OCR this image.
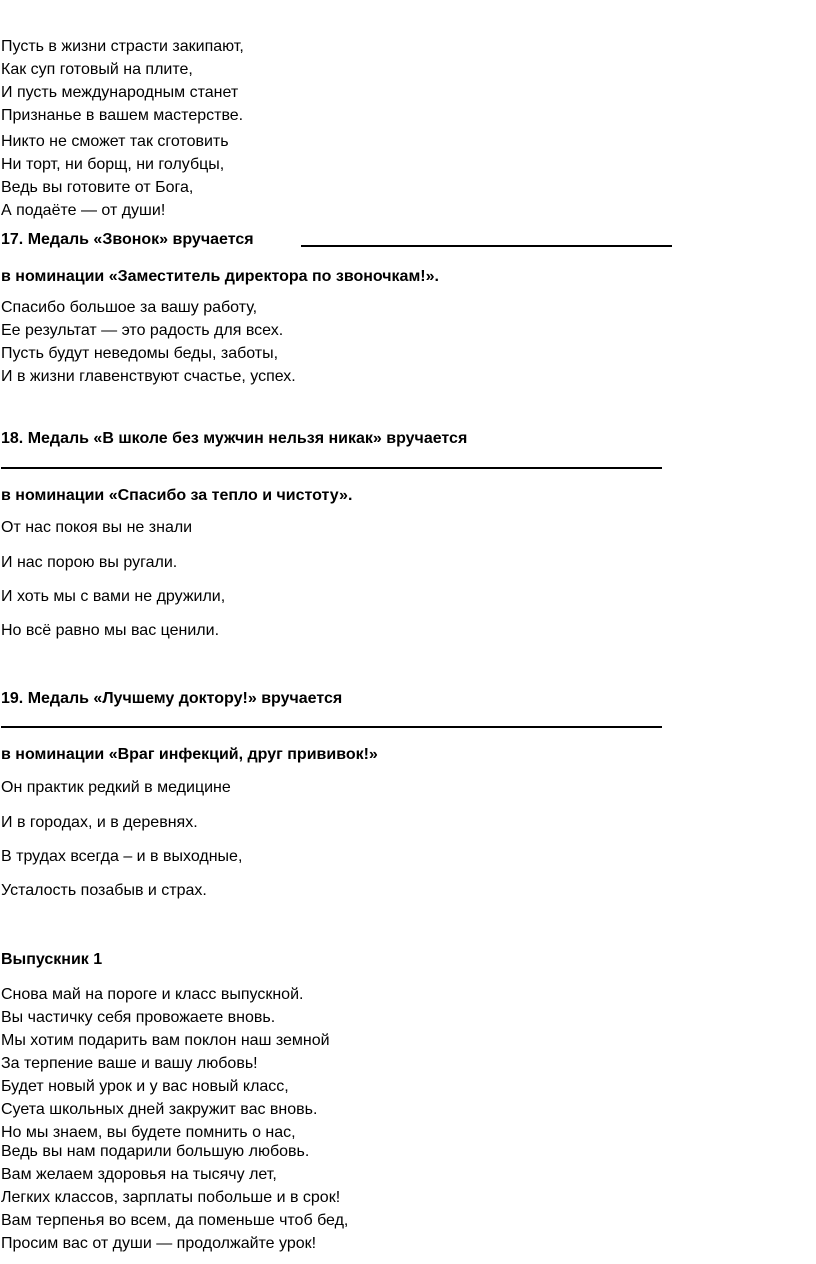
Пусть в жизни страсти закипают,
Как суп готовый на плите,
И пусть международным станет
Признанье в вашем мастерстве.
Никто не сможет так сготовить
Ни торт, ни борщ, ни голубцы,
Ведь вы готовите от Бога,
А подаёте — от души!
17. Медаль «Звонок» вручается
в номинации «Заместитель директора по звоночкам!».
Спасибо большое за вашу работу,
Ее результат — это радость для всех.
Пусть будут неведомы беды, заботы,
И в жизни главенствуют счастье, успех.
18. Медаль «В школе без мужчин нельзя никак» вручается
в номинации «Спасибо за тепло и чистоту».
От нас покоя вы не знали
И нас порою вы ругали.
И хоть мы с вами не дружили,
Но всё равно мы вас ценили.
19. Медаль «Лучшему доктору!» вручается
в номинации «Враг инфекций, друг прививок!»
Он практик редкий в медицине
И в городах, и в деревнях.
В трудах всегда – и в выходные,
Усталость позабыв и страх.
Выпускник 1
Снова май на пороге и класс выпускной.
Вы частичку себя провожаете вновь.
Мы хотим подарить вам поклон наш земной
За терпение ваше и вашу любовь!
Будет новый урок и у вас новый класс,
Суета школьных дней закружит вас вновь.
Но мы знаем, вы будете помнить о нас,
Ведь вы нам подарили большую любовь.
Вам желаем здоровья на тысячу лет,
Легких классов, зарплаты побольше и в срок!
Вам терпенья во всем, да поменьше чтоб бед,
Просим вас от души — продолжайте урок!
